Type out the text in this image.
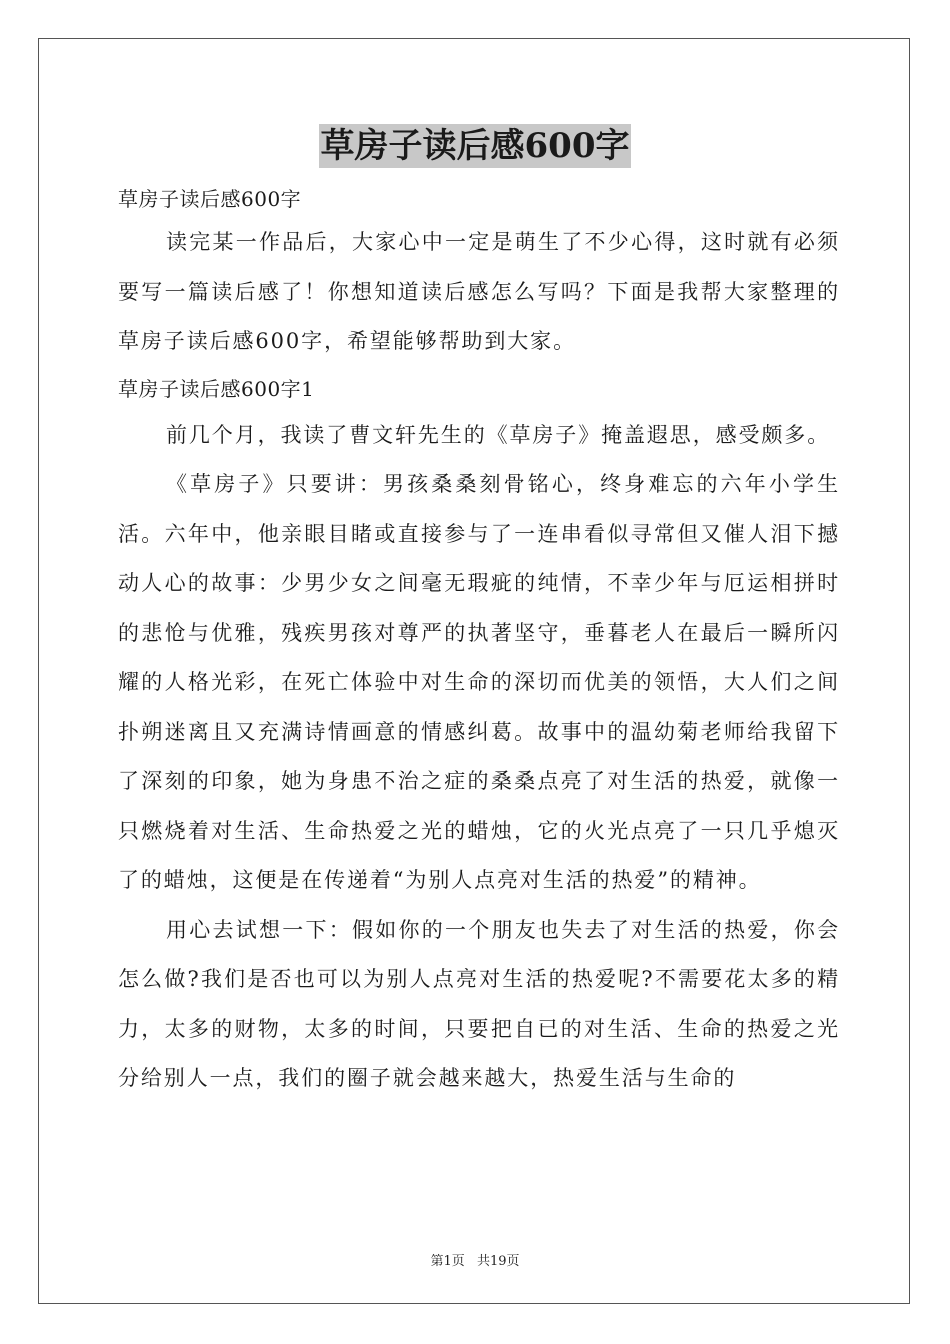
草房子读后感600字

草房子读后感600字

读完某一作品后，大家心中一定是萌生了不少心得，这时就有必须要写一篇读后感了！你想知道读后感怎么写吗？下面是我帮大家整理的草房子读后感600字，希望能够帮助到大家。

草房子读后感600字1

前几个月，我读了曹文轩先生的《草房子》掩盖遐思，感受颇多。

《草房子》只要讲：男孩桑桑刻骨铭心，终身难忘的六年小学生活。六年中，他亲眼目睹或直接参与了一连串看似寻常但又催人泪下撼动人心的故事：少男少女之间毫无瑕疵的纯情，不幸少年与厄运相拼时的悲怆与优雅，残疾男孩对尊严的执著坚守，垂暮老人在最后一瞬所闪耀的人格光彩，在死亡体验中对生命的深切而优美的领悟，大人们之间扑朔迷离且又充满诗情画意的情感纠葛。故事中的温幼菊老师给我留下了深刻的印象，她为身患不治之症的桑桑点亮了对生活的热爱，就像一只燃烧着对生活、生命热爱之光的蜡烛，它的火光点亮了一只几乎熄灭了的蜡烛，这便是在传递着“为别人点亮对生活的热爱”的精神。

用心去试想一下：假如你的一个朋友也失去了对生活的热爱，你会怎么做?我们是否也可以为别人点亮对生活的热爱呢?不需要花太多的精力，太多的财物，太多的时间，只要把自已的对生活、生命的热爱之光分给别人一点，我们的圈子就会越来越大，热爱生活与生命的

第1页 共19页
